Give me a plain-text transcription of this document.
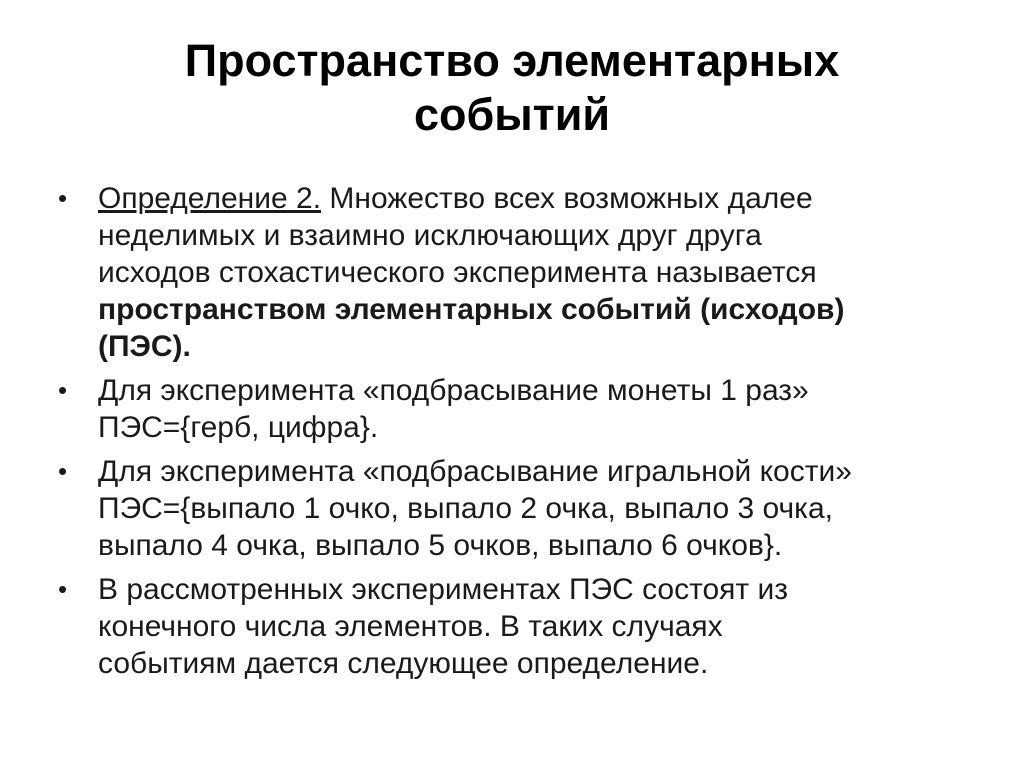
Пространство элементарных
событий
• Определение 2. Множество всех возможных далее
неделимых и взаимно исключающих друг друга
исходов стохастического эксперимента называется
пространством элементарных событий (исходов)
(ПЭС).
• Для эксперимента «подбрасывание монеты 1 раз»
ПЭС={герб, цифра}.
• Для эксперимента «подбрасывание игральной кости»
ПЭС={выпало 1 очко, выпало 2 очка, выпало 3 очка,
выпало 4 очка, выпало 5 очков, выпало 6 очков}.
• В рассмотренных экспериментах ПЭС состоят из
конечного числа элементов. В таких случаях
событиям дается следующее определение.
